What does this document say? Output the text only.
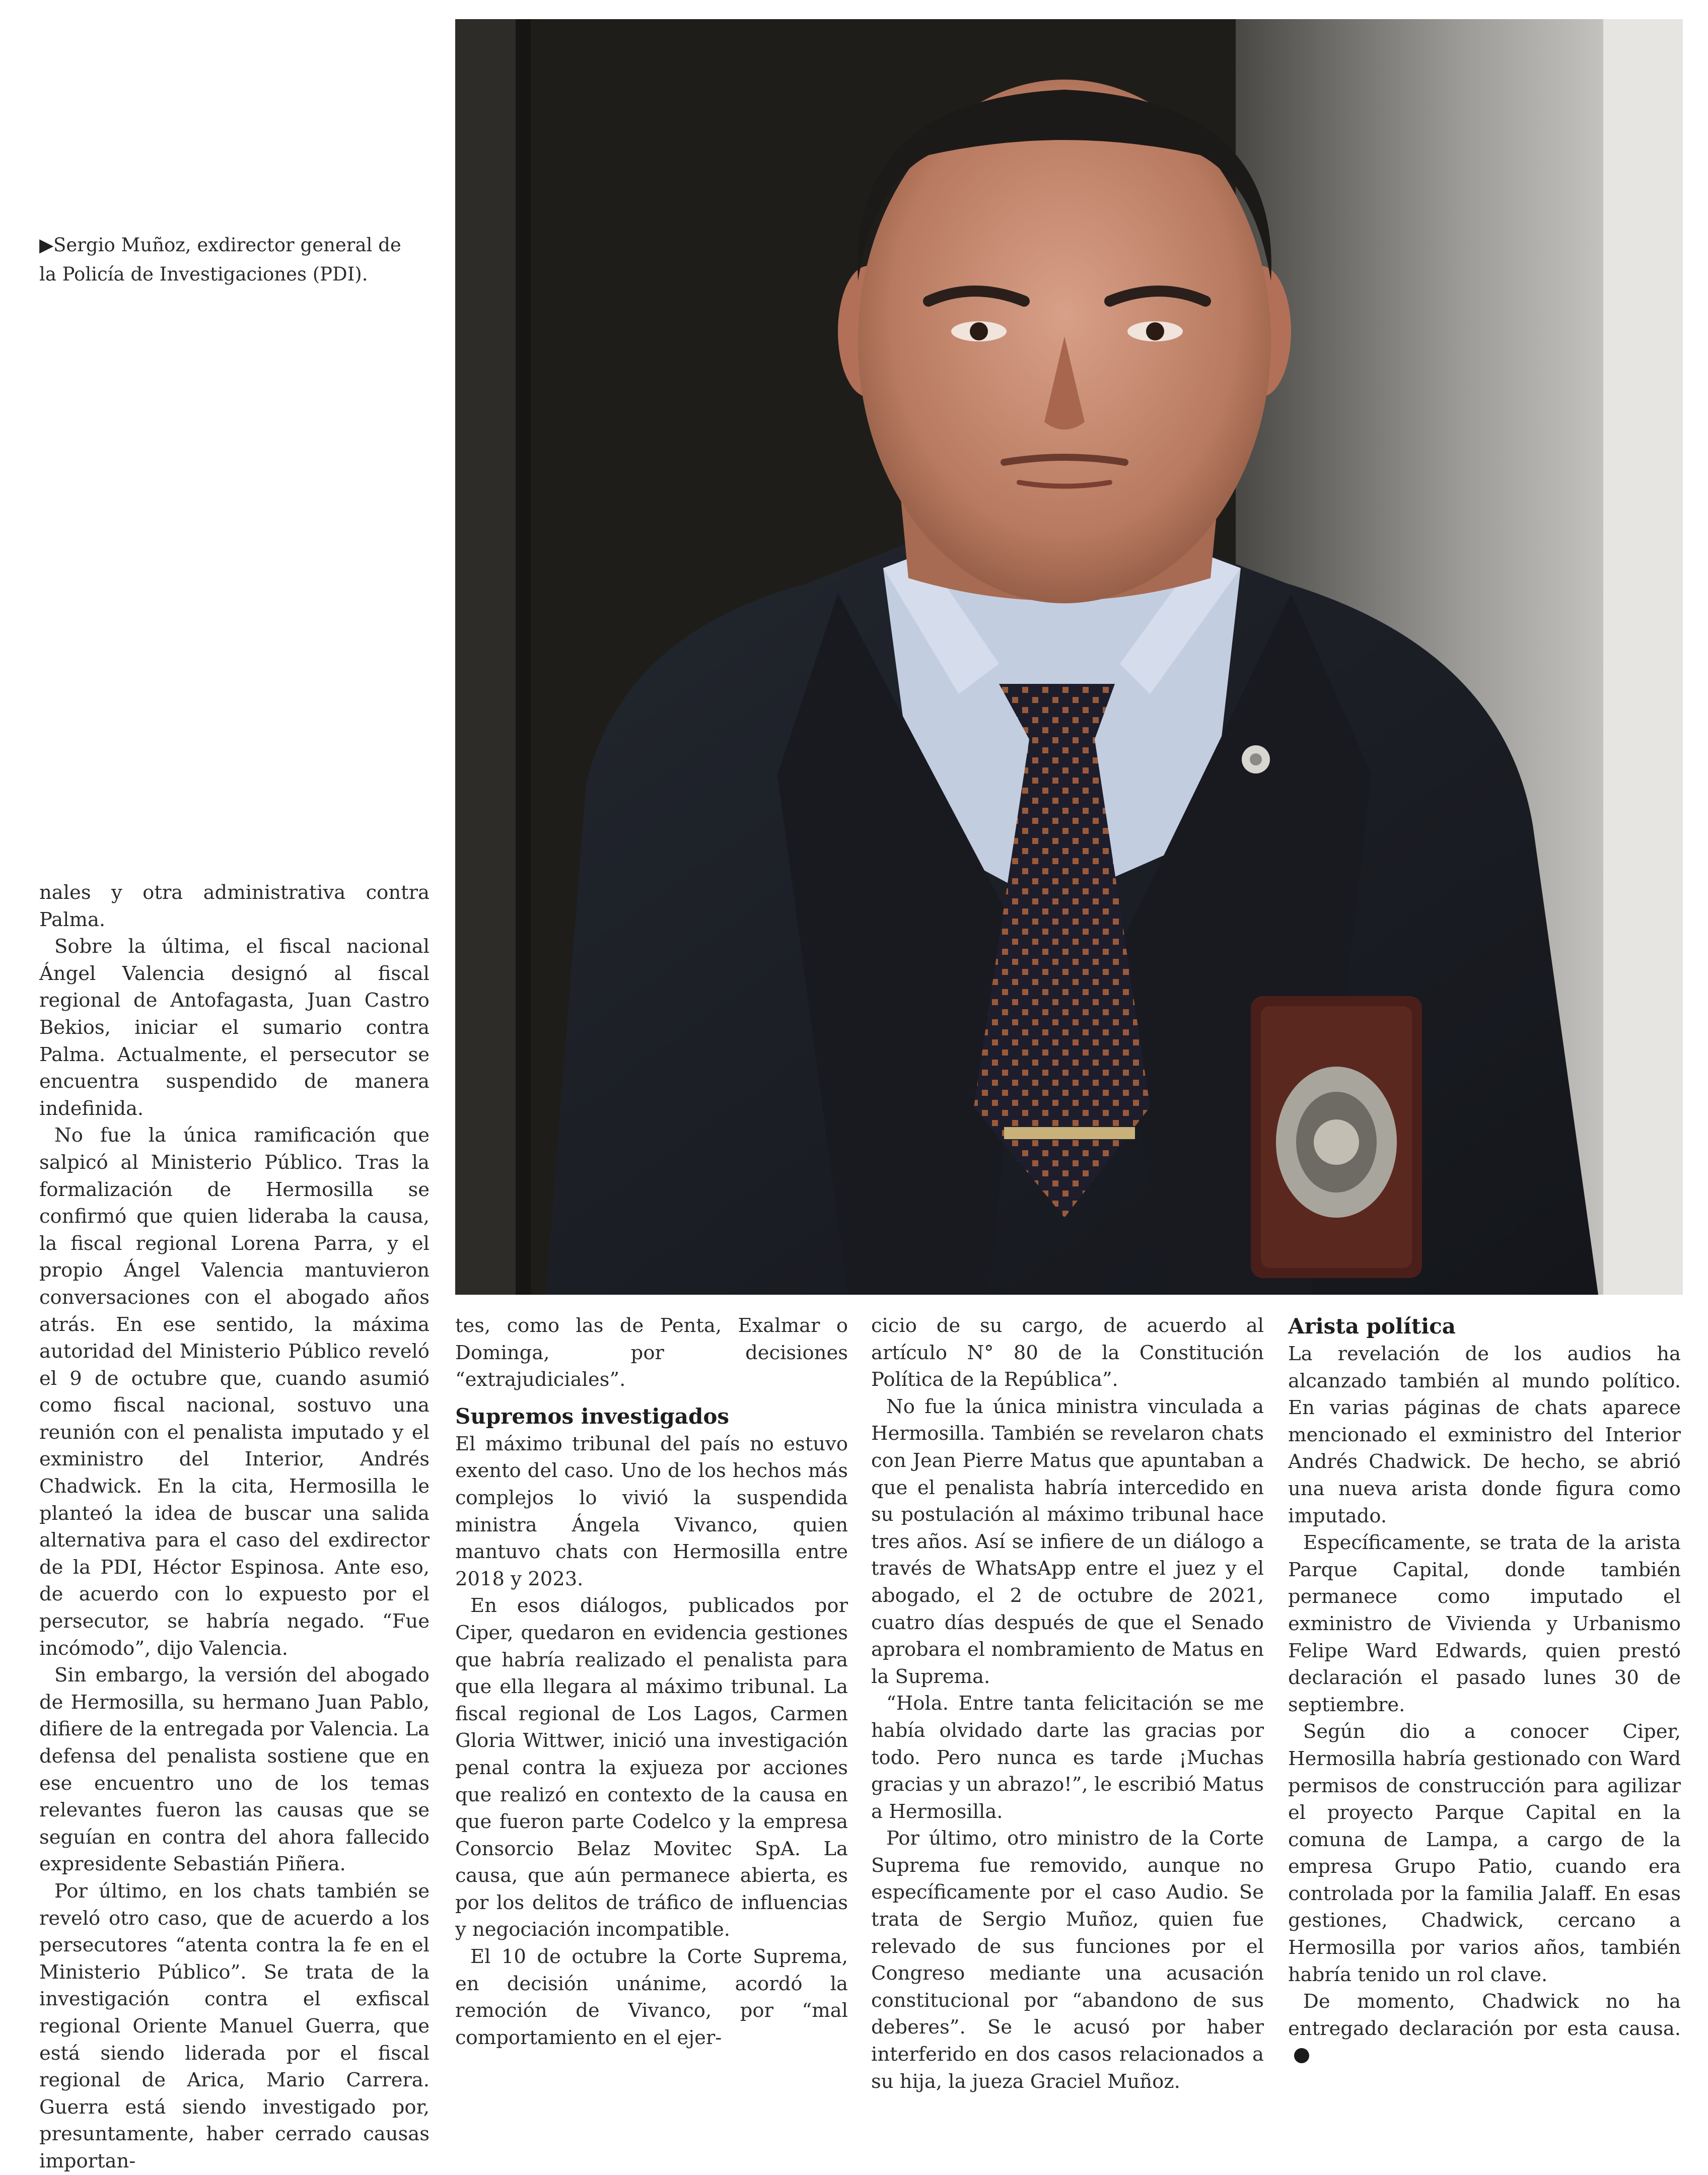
▶Sergio Muñoz, exdirector general de la Policía de Investigaciones (PDI).

nales y otra administrativa contra Palma.

Sobre la última, el fiscal nacional Ángel Valencia designó al fiscal regional de Antofagasta, Juan Castro Bekios, iniciar el sumario contra Palma. Actualmente, el persecutor se encuentra suspendido de manera indefinida.

No fue la única ramificación que salpicó al Ministerio Público. Tras la formalización de Hermosilla se confirmó que quien lideraba la causa, la fiscal regional Lorena Parra, y el propio Ángel Valencia mantuvieron conversaciones con el abogado años atrás. En ese sentido, la máxima autoridad del Ministerio Público reveló el 9 de octubre que, cuando asumió como fiscal nacional, sostuvo una reunión con el penalista imputado y el exministro del Interior, Andrés Chadwick. En la cita, Hermosilla le planteó la idea de buscar una salida alternativa para el caso del exdirector de la PDI, Héctor Espinosa. Ante eso, de acuerdo con lo expuesto por el persecutor, se habría negado. “Fue incómodo”, dijo Valencia.

Sin embargo, la versión del abogado de Hermosilla, su hermano Juan Pablo, difiere de la entregada por Valencia. La defensa del penalista sostiene que en ese encuentro uno de los temas relevantes fueron las causas que se seguían en contra del ahora fallecido expresidente Sebastián Piñera.

Por último, en los chats también se reveló otro caso, que de acuerdo a los persecutores “atenta contra la fe en el Ministerio Público”. Se trata de la investigación contra el exfiscal regional Oriente Manuel Guerra, que está siendo liderada por el fiscal regional de Arica, Mario Carrera. Guerra está siendo investigado por, presuntamente, haber cerrado causas importan-

tes, como las de Penta, Exalmar o Dominga, por decisiones “extrajudiciales”.

Supremos investigados

El máximo tribunal del país no estuvo exento del caso. Uno de los hechos más complejos lo vivió la suspendida ministra Ángela Vivanco, quien mantuvo chats con Hermosilla entre 2018 y 2023.

En esos diálogos, publicados por Ciper, quedaron en evidencia gestiones que habría realizado el penalista para que ella llegara al máximo tribunal. La fiscal regional de Los Lagos, Carmen Gloria Wittwer, inició una investigación penal contra la exjueza por acciones que realizó en contexto de la causa en que fueron parte Codelco y la empresa Consorcio Belaz Movitec SpA. La causa, que aún permanece abierta, es por los delitos de tráfico de influencias y negociación incompatible.

El 10 de octubre la Corte Suprema, en decisión unánime, acordó la remoción de Vivanco, por “mal comportamiento en el ejer-

cicio de su cargo, de acuerdo al artículo N° 80 de la Constitución Política de la República”.

No fue la única ministra vinculada a Hermosilla. También se revelaron chats con Jean Pierre Matus que apuntaban a que el penalista habría intercedido en su postulación al máximo tribunal hace tres años. Así se infiere de un diálogo a través de WhatsApp entre el juez y el abogado, el 2 de octubre de 2021, cuatro días después de que el Senado aprobara el nombramiento de Matus en la Suprema.

“Hola. Entre tanta felicitación se me había olvidado darte las gracias por todo. Pero nunca es tarde ¡Muchas gracias y un abrazo!”, le escribió Matus a Hermosilla.

Por último, otro ministro de la Corte Suprema fue removido, aunque no específicamente por el caso Audio. Se trata de Sergio Muñoz, quien fue relevado de sus funciones por el Congreso mediante una acusación constitucional por “abandono de sus deberes”. Se le acusó por haber interferido en dos casos relacionados a su hija, la jueza Graciel Muñoz.

Arista política

La revelación de los audios ha alcanzado también al mundo político. En varias páginas de chats aparece mencionado el exministro del Interior Andrés Chadwick. De hecho, se abrió una nueva arista donde figura como imputado.

Específicamente, se trata de la arista Parque Capital, donde también permanece como imputado el exministro de Vivienda y Urbanismo Felipe Ward Edwards, quien prestó declaración el pasado lunes 30 de septiembre.

Según dio a conocer Ciper, Hermosilla habría gestionado con Ward permisos de construcción para agilizar el proyecto Parque Capital en la comuna de Lampa, a cargo de la empresa Grupo Patio, cuando era controlada por la familia Jalaff. En esas gestiones, Chadwick, cercano a Hermosilla por varios años, también habría tenido un rol clave.

De momento, Chadwick no ha entregado declaración por esta causa.
